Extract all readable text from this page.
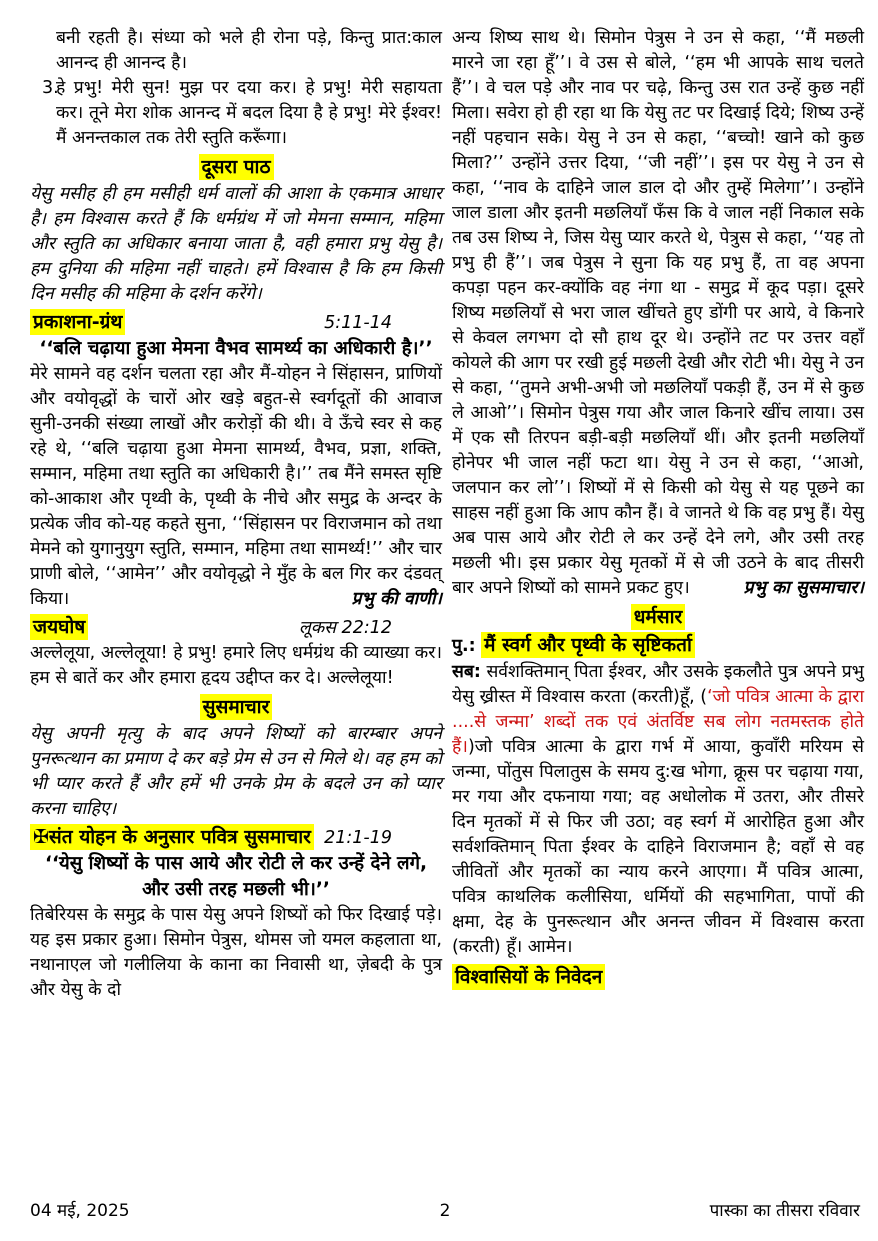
बनी रहती है। संध्या को भले ही रोना पड़े, किन्तु प्रात:काल आनन्द ही आनन्द है।
3.
हे प्रभु! मेरी सुन! मुझ पर दया कर। हे प्रभु! मेरी सहायता कर। तूने मेरा शोक आनन्द में बदल दिया है हे प्रभु! मेरे ईश्वर! मैं अनन्तकाल तक तेरी स्तुति करूँगा।
दूसरा पाठ

येसु मसीह ही हम मसीही धर्म वालों की आशा के एकमात्र आधार है। हम विश्वास करते हैं कि धर्मग्रंथ में जो मेमना सम्मान, महिमा और स्तुति का अधिकार बनाया जाता है, वही हमारा प्रभु येसु है। हम दुनिया की महिमा नहीं चाहते। हमें विश्वास है कि हम किसी दिन मसीह की महिमा के दर्शन करेंगे।

प्रकाशना-ग्रंथ	5:11-14

‘‘बलि चढ़ाया हुआ मेमना वैभव सामर्थ्य का अधिकारी है।’’

मेरे सामने वह दर्शन चलता रहा और मैं-योहन ने सिंहासन, प्राणियों और वयोवृद्धों के चारों ओर खड़े बहुत-से स्वर्गदूतों की आवाज सुनी-उनकी संख्या लाखों और करोड़ों की थी। वे ऊँचे स्वर से कह रहे थे, ‘‘बलि चढ़ाया हुआ मेमना सामर्थ्य, वैभव, प्रज्ञा, शक्ति, सम्मान, महिमा तथा स्तुति का अधिकारी है।’’ तब मैंने समस्त सृष्टि को-आकाश और पृथ्वी के, पृथ्वी के नीचे और समुद्र के अन्दर के प्रत्येक जीव को-यह कहते सुना, ‘‘सिंहासन पर विराजमान को तथा मेमने को युगानुयुग स्तुति, सम्मान, महिमा तथा सामर्थ्य!’’ और चार प्राणी बोले, ‘‘आमेन’’ और वयोवृद्धो ने मुँह के बल गिर कर दंडवत् किया।	प्रभु की वाणी।

जयघोष	लूकस 22:12

अल्लेलूया, अल्लेलूया! हे प्रभु! हमारे लिए धर्मग्रंथ की व्याख्या कर। हम से बातें कर और हमारा हृदय उद्दीप्त कर दे। अल्लेलूया!

सुसमाचार

येसु अपनी मृत्यु के बाद अपने शिष्यों को बारम्बार अपने पुनरूत्थान का प्रमाण दे कर बड़े प्रेम से उन से मिले थे। वह हम को भी प्यार करते हैं और हमें भी उनके प्रेम के बदले उन को प्यार करना चाहिए।

✠संत योहन के अनुसार पवित्र सुसमाचार 21:1-19

‘‘येसु शिष्यों के पास आये और रोटी ले कर उन्हें देने लगे, और उसी तरह मछली भी।’’

तिबेरियस के समुद्र के पास येसु अपने शिष्यों को फिर दिखाई पड़े। यह इस प्रकार हुआ। सिमोन पेत्रुस, थोमस जो यमल कहलाता था, नथानाएल जो गलीलिया के काना का निवासी था, ज़ेबदी के पुत्र और येसु के दो

अन्य शिष्य साथ थे। सिमोन पेत्रुस ने उन से कहा, ‘‘मैं मछली मारने जा रहा हूँ’’। वे उस से बोले, ‘‘हम भी आपके साथ चलते हैं’’। वे चल पड़े और नाव पर चढ़े, किन्तु उस रात उन्हें कुछ नहीं मिला। सवेरा हो ही रहा था कि येसु तट पर दिखाई दिये; शिष्य उन्हें नहीं पहचान सके। येसु ने उन से कहा, ‘‘बच्चो! खाने को कुछ मिला?’’ उन्होंने उत्तर दिया, ‘‘जी नहीं’’। इस पर येसु ने उन से कहा, ‘‘नाव के दाहिने जाल डाल दो और तुम्हें मिलेगा’’। उन्होंने जाल डाला और इतनी मछलियाँ फँस कि वे जाल नहीं निकाल सके तब उस शिष्य ने, जिस येसु प्यार करते थे, पेत्रुस से कहा, ‘‘यह तो प्रभु ही हैं’’। जब पेत्रुस ने सुना कि यह प्रभु हैं, ता वह अपना कपड़ा पहन कर-क्योंकि वह नंगा था - समुद्र में कूद पड़ा। दूसरे शिष्य मछलियाँ से भरा जाल खींचते हुए डोंगी पर आये, वे किनारे से केवल लगभग दो सौ हाथ दूर थे। उन्होंने तट पर उत्तर वहाँ कोयले की आग पर रखी हुई मछली देखी और रोटी भी। येसु ने उन से कहा, ‘‘तुमने अभी-अभी जो मछलियाँ पकड़ी हैं, उन में से कुछ ले आओ’’। सिमोन पेत्रुस गया और जाल किनारे खींच लाया। उस में एक सौ तिरपन बड़ी-बड़ी मछलियाँ थीं। और इतनी मछलियाँ होनेपर भी जाल नहीं फटा था। येसु ने उन से कहा, ‘‘आओ, जलपान कर लो’’। शिष्यों में से किसी को येसु से यह पूछने का साहस नहीं हुआ कि आप कौन हैं। वे जानते थे कि वह प्रभु हैं। येसु अब पास आये और रोटी ले कर उन्हें देने लगे, और उसी तरह मछली भी। इस प्रकार येसु मृतकों में से जी उठने के बाद तीसरी बार अपने शिष्यों को सामने प्रकट हुए।	प्रभु का सुसमाचार।

धर्मसार
पु.: मैं स्वर्ग और पृथ्वी के सृष्टिकर्ता

सब: सर्वशक्तिमान् पिता ईश्वर, और उसके इकलौते पुत्र अपने प्रभु येसु ख्रीस्त में विश्वास करता (करती)हूँ, (‘जो पवित्र आत्मा के द्वारा ....से जन्मा’ शब्दों तक एवं अंतर्विष्ट सब लोग नतमस्तक होते हैं।)जो पवित्र आत्मा के द्वारा गर्भ में आया, कुवाँरी मरियम से जन्मा, पोंतुस पिलातुस के समय दु:ख भोगा, क्रूस पर चढ़ाया गया, मर गया और दफनाया गया; वह अधोलोक में उतरा, और तीसरे दिन मृतकों में से फिर जी उठा; वह स्वर्ग में आरोहित हुआ और सर्वशक्तिमान् पिता ईश्वर के दाहिने विराजमान है; वहाँ से वह जीवितों और मृतकों का न्याय करने आएगा। मैं पवित्र आत्मा, पवित्र काथलिक कलीसिया, धर्मियों की सहभागिता, पापों की क्षमा, देह के पुनरूत्थान और अनन्त जीवन में विश्वास करता (करती) हूँ। आमेन।

विश्वासियों के निवेदन
04 मई, 2025	2	पास्का का तीसरा रविवार
